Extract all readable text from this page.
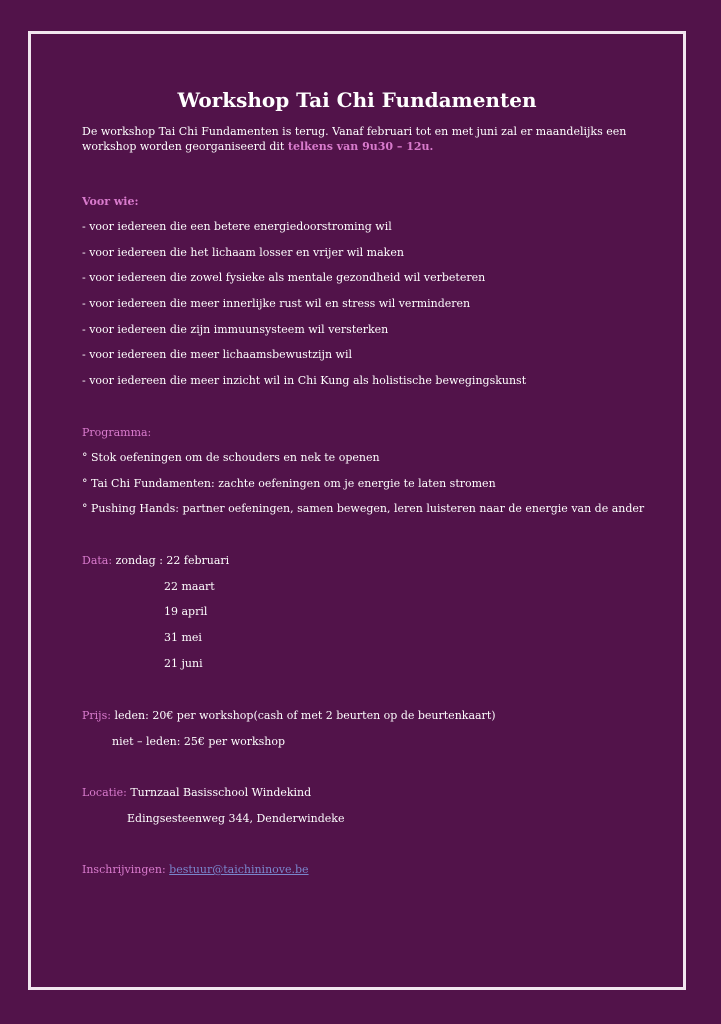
Workshop Tai Chi Fundamenten

De workshop Tai Chi Fundamenten is terug. Vanaf februari tot en met juni zal er maandelijks een workshop worden georganiseerd dit telkens van 9u30 – 12u.

Voor wie:

- voor iedereen die een betere energiedoorstroming wil

- voor iedereen die het lichaam losser en vrijer wil maken

- voor iedereen die zowel fysieke als mentale gezondheid wil verbeteren

- voor iedereen die meer innerlijke rust wil en stress wil verminderen

- voor iedereen die zijn immuunsysteem wil versterken

- voor iedereen die meer lichaamsbewustzijn wil

- voor iedereen die meer inzicht wil in Chi Kung als holistische bewegingskunst

Programma:

° Stok oefeningen om de schouders en nek te openen

° Tai Chi Fundamenten: zachte oefeningen om je energie te laten stromen

° Pushing Hands: partner oefeningen, samen bewegen, leren luisteren naar de energie van de ander

Data: zondag : 22 februari

22 maart

19 april

31 mei

21 juni

Prijs: leden: 20€ per workshop(cash of met 2 beurten op de beurtenkaart)

niet – leden: 25€ per workshop

Locatie: Turnzaal Basisschool Windekind

Edingsesteenweg 344, Denderwindeke

Inschrijvingen: bestuur@taichininove.be
